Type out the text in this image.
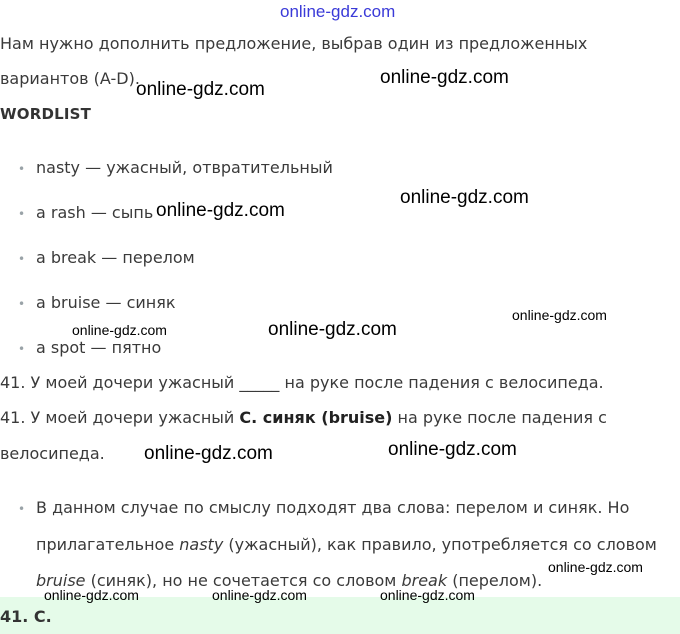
online-gdz.com
Нам нужно дополнить предложение, выбрав один из предложенных
вариантов (A-D).
WORDLIST
• nasty — ужасный, отвратительный
• a rash — сыпь
• a break — перелом
• a bruise — синяк
• a spot — пятно
41. У моей дочери ужасный _____ на руке после падения с велосипеда.
41. У моей дочери ужасный C. синяк (bruise) на руке после падения с
велосипеда.
• В данном случае по смыслу подходят два слова: перелом и синяк. Но
прилагательное nasty (ужасный), как правило, употребляется со словом
bruise (синяк), но не сочетается со словом break (перелом).
41. C.
online-gdz.com
online-gdz.com
online-gdz.com
online-gdz.com
online-gdz.com
online-gdz.com	online-gdz.com
online-gdz.com
online-gdz.com
online-gdz.com
online-gdz.com	online-gdz.com	online-gdz.com
